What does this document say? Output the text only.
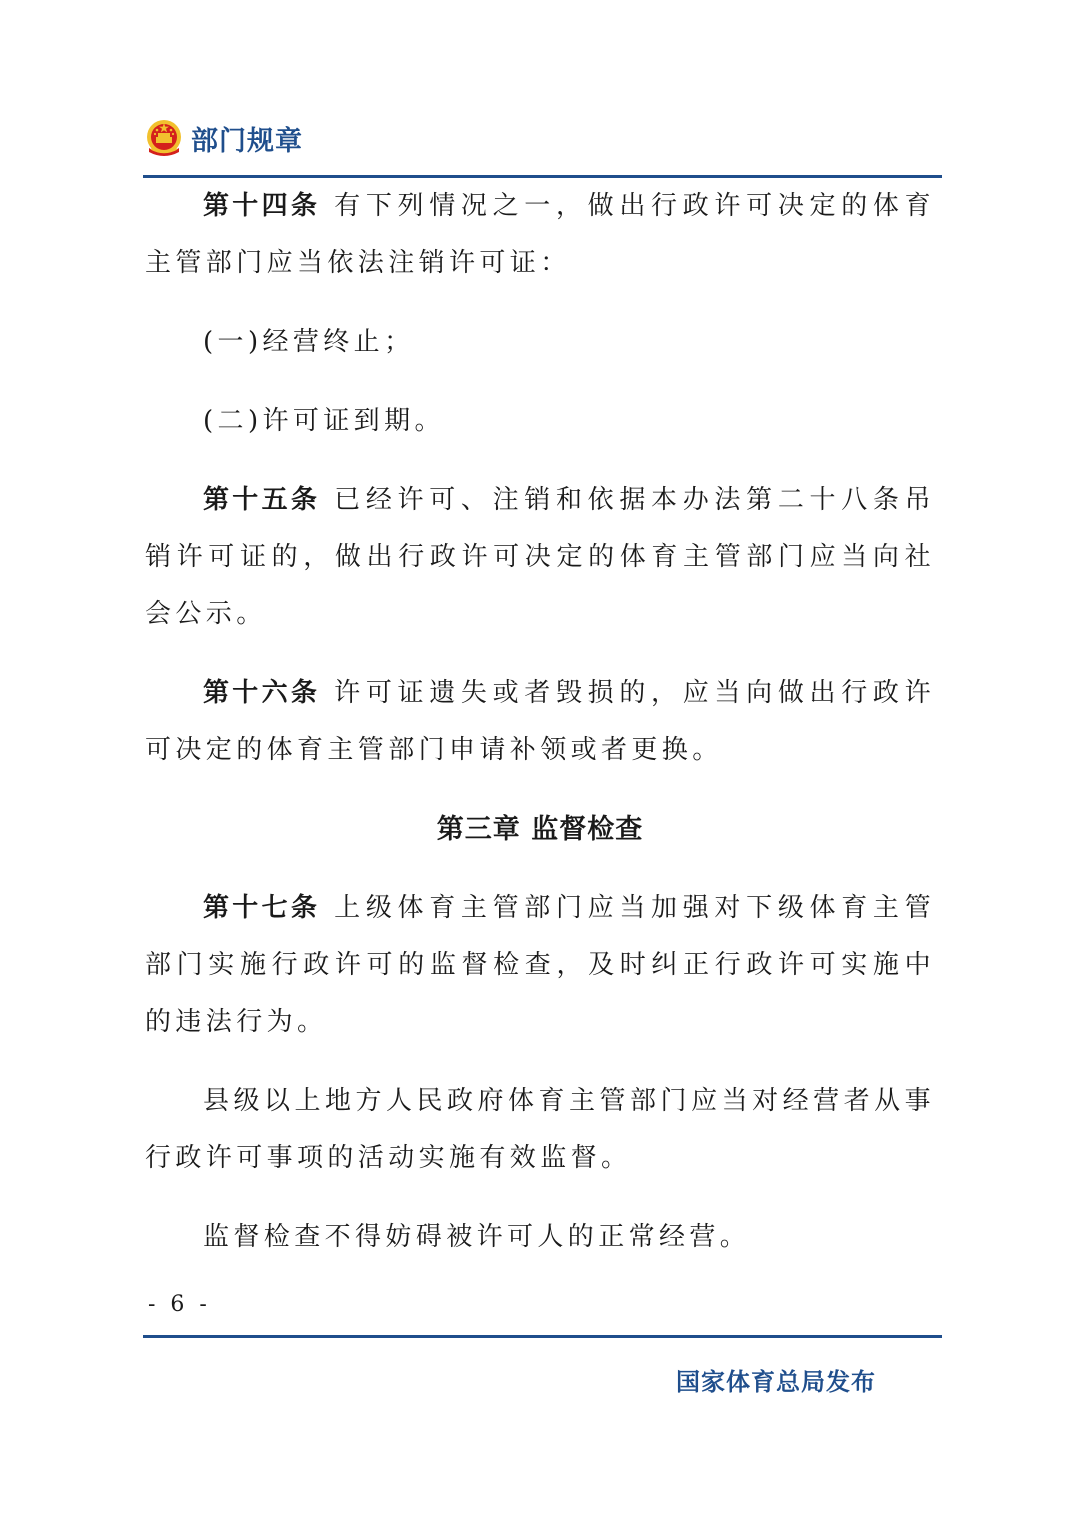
部门规章

第十四条 有下列情况之一，做出行政许可决定的体育主管部门应当依法注销许可证：

(一)经营终止；

(二)许可证到期。

第十五条 已经许可、注销和依据本办法第二十八条吊销许可证的，做出行政许可决定的体育主管部门应当向社会公示。

第十六条 许可证遗失或者毁损的，应当向做出行政许可决定的体育主管部门申请补领或者更换。

第三章 监督检查

第十七条 上级体育主管部门应当加强对下级体育主管部门实施行政许可的监督检查，及时纠正行政许可实施中的违法行为。

县级以上地方人民政府体育主管部门应当对经营者从事行政许可事项的活动实施有效监督。

监督检查不得妨碍被许可人的正常经营。

- 6 -
国家体育总局发布
